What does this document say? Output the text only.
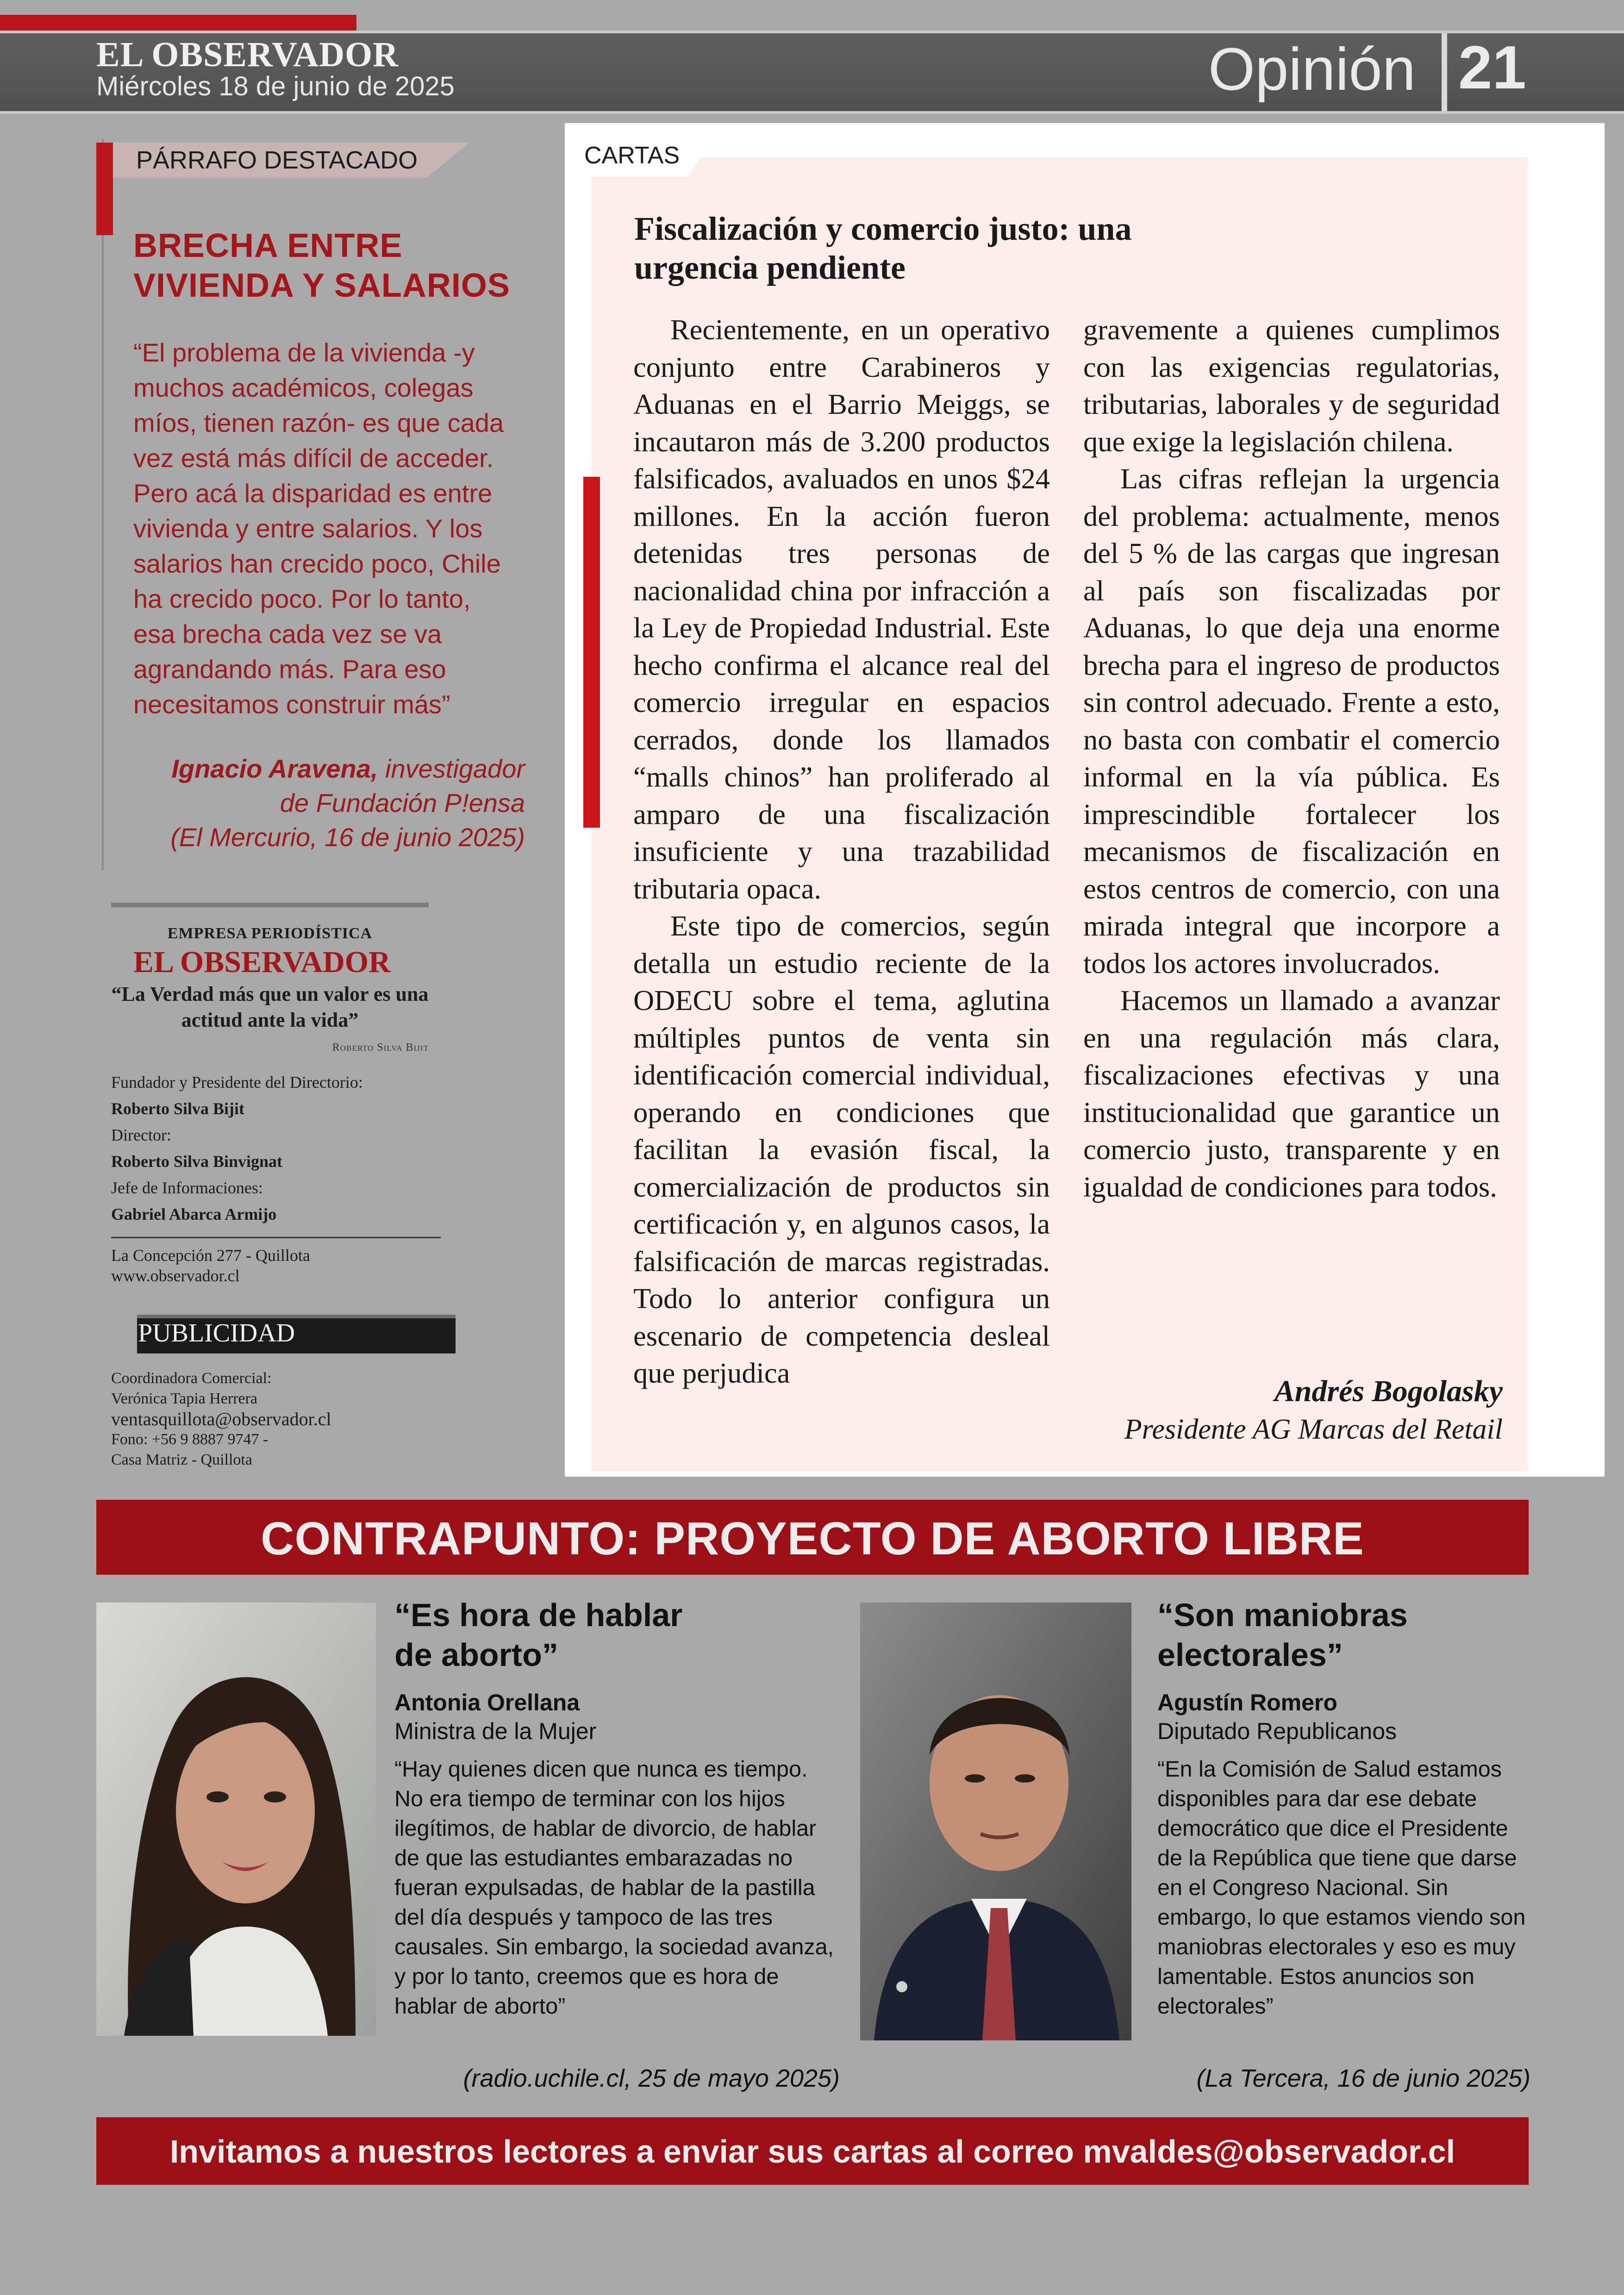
EL OBSERVADOR
Miércoles 18 de junio de 2025	Opinión 21
PÁRRAFO DESTACADO
BRECHA ENTRE VIVIENDA Y SALARIOS
“El problema de la vivienda -y muchos académicos, colegas míos, tienen razón- es que cada vez está más difícil de acceder. Pero acá la disparidad es entre vivienda y entre salarios. Y los salarios han crecido poco, Chile ha crecido poco. Por lo tanto, esa brecha cada vez se va agrandando más. Para eso necesitamos construir más”
Ignacio Aravena, investigador
de Fundación P!ensa
(El Mercurio, 16 de junio 2025)
EMPRESA PERIODÍSTICA
EL OBSERVADOR
“La Verdad más que un valor es una actitud ante la vida”
Roberto Silva Bijit
Fundador y Presidente del Directorio:
Roberto Silva Bijit
Director:
Roberto Silva Binvignat
Jefe de Informaciones:
Gabriel Abarca Armijo
La Concepción 277 - Quillota
www.observador.cl
PUBLICIDAD
Coordinadora Comercial:
Verónica Tapia Herrera
ventasquillota@observador.cl
Fono: +56 9 8887 9747 -
Casa Matriz - Quillota
CARTAS
Fiscalización y comercio justo: una urgencia pendiente

Recientemente, en un operativo conjunto entre Carabineros y Aduanas en el Barrio Meiggs, se incautaron más de 3.200 productos falsificados, avaluados en unos $24 millones. En la acción fueron detenidas tres personas de nacionalidad china por infracción a la Ley de Propiedad Industrial. Este hecho confirma el alcance real del comercio irregular en espacios cerrados, donde los llamados “malls chinos” han proliferado al amparo de una fiscalización insuficiente y una trazabilidad tributaria opaca.

Este tipo de comercios, según detalla un estudio reciente de la ODECU sobre el tema, aglutina múltiples puntos de venta sin identificación comercial individual, operando en condiciones que facilitan la evasión fiscal, la comercialización de productos sin certificación y, en algunos casos, la falsificación de marcas registradas. Todo lo anterior configura un escenario de competencia desleal que perjudica

gravemente a quienes cumplimos con las exigencias regulatorias, tributarias, laborales y de seguridad que exige la legislación chilena.

Las cifras reflejan la urgencia del problema: actualmente, menos del 5 % de las cargas que ingresan al país son fiscalizadas por Aduanas, lo que deja una enorme brecha para el ingreso de productos sin control adecuado. Frente a esto, no basta con combatir el comercio informal en la vía pública. Es imprescindible fortalecer los mecanismos de fiscalización en estos centros de comercio, con una mirada integral que incorpore a todos los actores involucrados.

Hacemos un llamado a avanzar en una regulación más clara, fiscalizaciones efectivas y una institucionalidad que garantice un comercio justo, transparente y en igualdad de condiciones para todos.

Andrés Bogolasky
Presidente AG Marcas del Retail
CONTRAPUNTO: PROYECTO DE ABORTO LIBRE
“Es hora de hablar de aborto”
Antonia Orellana
Ministra de la Mujer
“Hay quienes dicen que nunca es tiempo. No era tiempo de terminar con los hijos ilegítimos, de hablar de divorcio, de hablar de que las estudiantes embarazadas no fueran expulsadas, de hablar de la pastilla del día después y tampoco de las tres causales. Sin embargo, la sociedad avanza, y por lo tanto, creemos que es hora de hablar de aborto”
(radio.uchile.cl, 25 de mayo 2025)
“Son maniobras electorales”
Agustín Romero
Diputado Republicanos
“En la Comisión de Salud estamos disponibles para dar ese debate democrático que dice el Presidente de la República que tiene que darse en el Congreso Nacional. Sin embargo, lo que estamos viendo son maniobras electorales y eso es muy lamentable. Estos anuncios son electorales”
(La Tercera, 16 de junio 2025)
Invitamos a nuestros lectores a enviar sus cartas al correo mvaldes@observador.cl
